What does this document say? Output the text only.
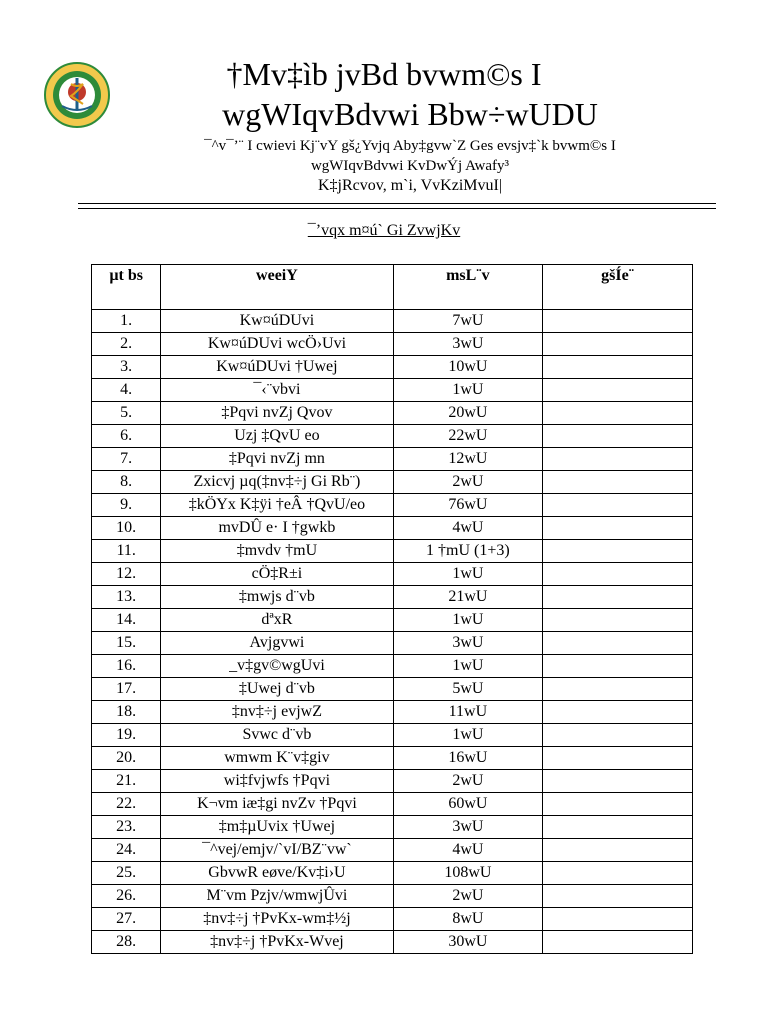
†Mv‡ìb jvBd bvwm©s I
wgWIqvBdvwi Bbw÷wUDU
¯^v¯’¨ I cwievi Kj¨vY gš¿Yvjq Aby‡gvw`Z Ges evsjv‡`k bvwm©s I
wgWIqvBdvwi KvDwÝj Awafy³
K‡jRcvov, m`i, VvKziMvuI|
¯’vqx m¤ú` Gi ZvwjKv
µt bs	weeiY	msL¨v	gšÍe¨
1.	Kw¤úDUvi	7wU	
2.	Kw¤úDUvi wcÖ›Uvi	3wU	
3.	Kw¤úDUvi †Uwej	10wU	
4.	¯‹¨vbvi	1wU	
5.	‡Pqvi nvZj Qvov	20wU	
6.	Uzj ‡QvU eo	22wU	
7.	‡Pqvi nvZj mn	12wU	
8.	Zxicvj µq(‡nv‡÷j Gi Rb¨)	2wU	
9.	‡kÖYx K‡ÿi †eÂ †QvU/eo	76wU	
10.	mvDÛ e· I †gwkb	4wU	
11.	‡mvdv †mU	1 †mU (1+3)	
12.	cÖ‡R±i	1wU	
13.	‡mwjs d¨vb	21wU	
14.	dªxR	1wU	
15.	Avjgvwi	3wU	
16.	_v‡gv©wgUvi	1wU	
17.	‡Uwej d¨vb	5wU	
18.	‡nv‡÷j evjwZ	11wU	
19.	Svwc d¨vb	1wU	
20.	wmwm K¨v‡giv	16wU	
21.	wi‡fvjwfs †Pqvi	2wU	
22.	K¬vm iæ‡gi nvZv †Pqvi	60wU	
23.	‡m‡µUvix †Uwej	3wU	
24.	¯^vej/emjv/`vI/BZ¨vw`	4wU	
25.	GbvwR eøve/Kv‡i›U	108wU	
26.	M¨vm Pzjv/wmwjÛvi	2wU	
27.	‡nv‡÷j †PvKx-wm‡½j	8wU	
28.	‡nv‡÷j †PvKx-Wvej	30wU	
